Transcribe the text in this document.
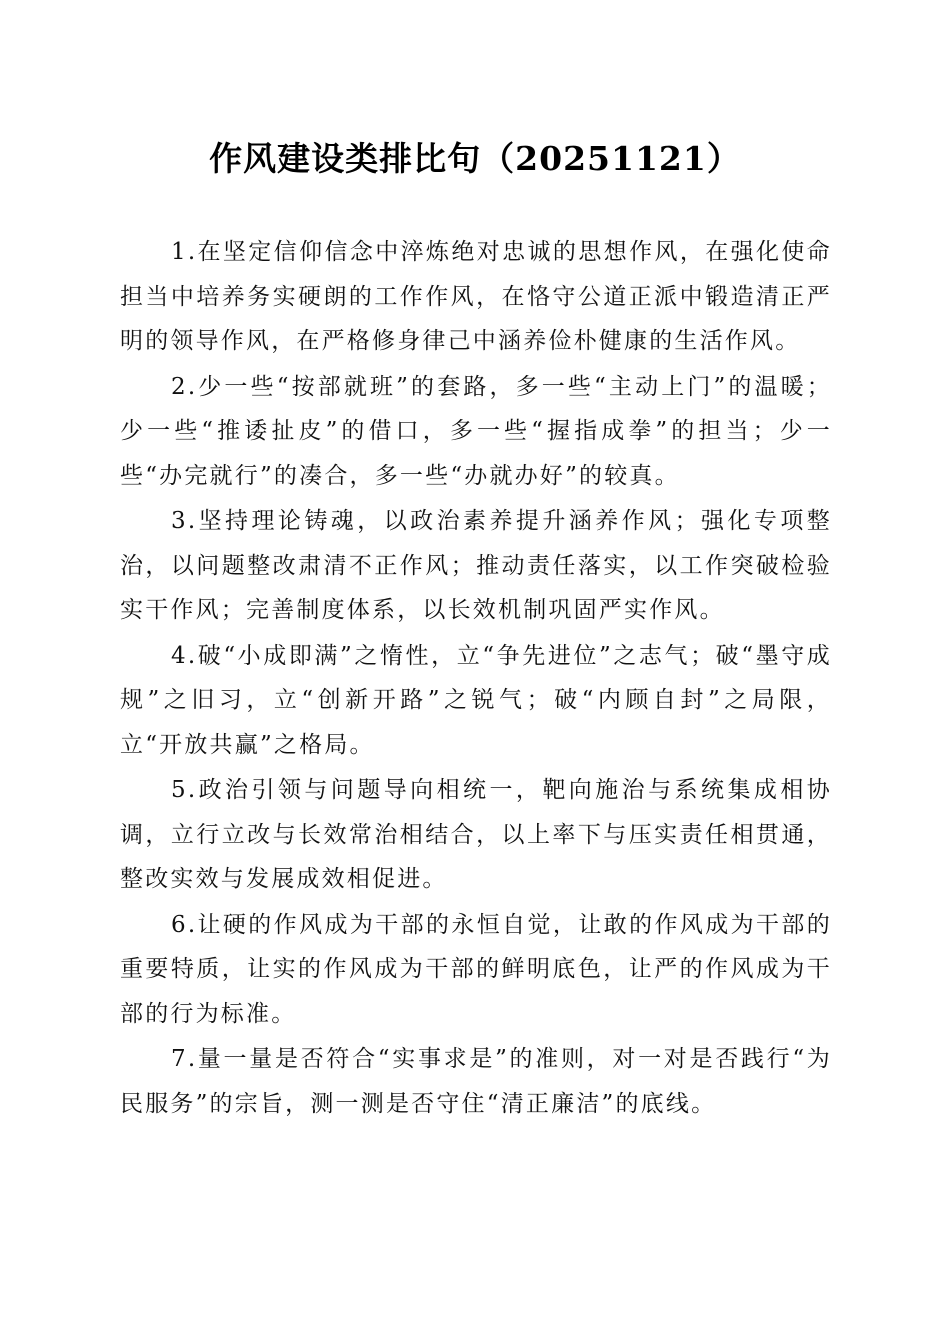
作风建设类排比句（20251121）

1.在坚定信仰信念中淬炼绝对忠诚的思想作风，在强化使命担当中培养务实硬朗的工作作风，在恪守公道正派中锻造清正严明的领导作风，在严格修身律己中涵养俭朴健康的生活作风。

2.少一些“按部就班”的套路，多一些“主动上门”的温暖；少一些“推诿扯皮”的借口，多一些“握指成拳”的担当；少一些“办完就行”的凑合，多一些“办就办好”的较真。

3.坚持理论铸魂，以政治素养提升涵养作风；强化专项整治，以问题整改肃清不正作风；推动责任落实，以工作突破检验实干作风；完善制度体系，以长效机制巩固严实作风。

4.破“小成即满”之惰性，立“争先进位”之志气；破“墨守成规”之旧习，立“创新开路”之锐气；破“内顾自封”之局限，立“开放共赢”之格局。

5.政治引领与问题导向相统一，靶向施治与系统集成相协调，立行立改与长效常治相结合，以上率下与压实责任相贯通，整改实效与发展成效相促进。

6.让硬的作风成为干部的永恒自觉，让敢的作风成为干部的重要特质，让实的作风成为干部的鲜明底色，让严的作风成为干部的行为标准。

7.量一量是否符合“实事求是”的准则，对一对是否践行“为民服务”的宗旨，测一测是否守住“清正廉洁”的底线。
